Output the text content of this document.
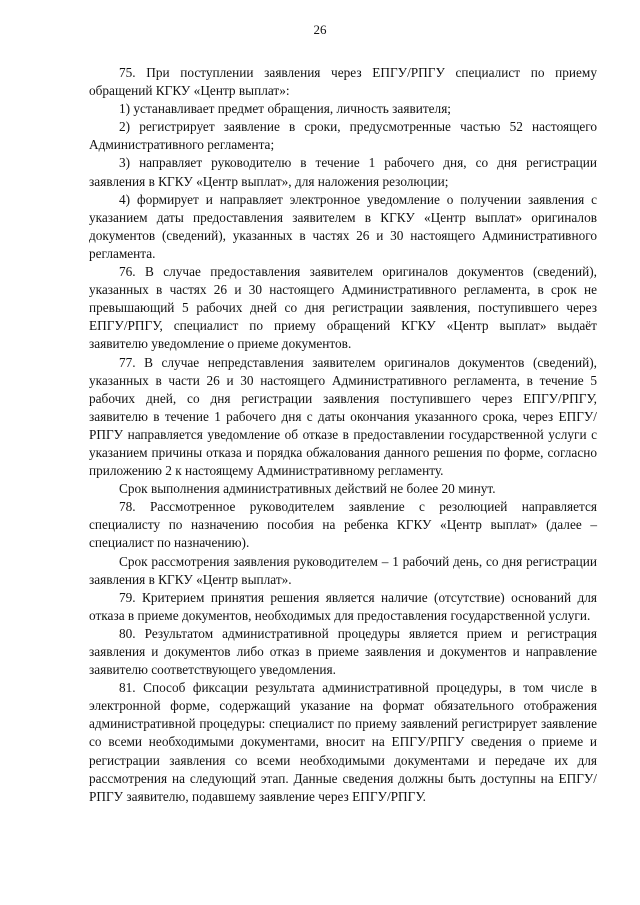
26

75. При поступлении заявления через ЕПГУ/РПГУ специалист по приему обращений КГКУ «Центр выплат»:

1) устанавливает предмет обращения, личность заявителя;

2) регистрирует заявление в сроки, предусмотренные частью 52 настоящего Административного регламента;

3) направляет руководителю в течение 1 рабочего дня, со дня регистрации заявления в КГКУ «Центр выплат», для наложения резолюции;

4) формирует и направляет электронное уведомление о получении заявления с указанием даты предоставления заявителем в КГКУ «Центр выплат» оригиналов документов (сведений), указанных в частях 26 и 30 настоящего Административного регламента.

76. В случае предоставления заявителем оригиналов документов (сведений), указанных в частях 26 и 30 настоящего Административного регламента, в срок не превышающий 5 рабочих дней со дня регистрации заявления, поступившего через ЕПГУ/РПГУ, специалист по приему обращений КГКУ «Центр выплат» выдаёт заявителю уведомление о приеме документов.

77. В случае непредставления заявителем оригиналов документов (сведений), указанных в части 26 и 30 настоящего Административного регламента, в течение 5 рабочих дней, со дня регистрации заявления поступившего через ЕПГУ/РПГУ, заявителю в течение 1 рабочего дня с даты окончания указанного срока, через ЕПГУ/РПГУ направляется уведомление об отказе в предоставлении государственной услуги с указанием причины отказа и порядка обжалования данного решения по форме, согласно приложению 2 к настоящему Административному регламенту.

Срок выполнения административных действий не более 20 минут.

78. Рассмотренное руководителем заявление с резолюцией направляется специалисту по назначению пособия на ребенка КГКУ «Центр выплат» (далее – специалист по назначению).

Срок рассмотрения заявления руководителем – 1 рабочий день, со дня регистрации заявления в КГКУ «Центр выплат».

79. Критерием принятия решения является наличие (отсутствие) оснований для отказа в приеме документов, необходимых для предоставления государственной услуги.

80. Результатом административной процедуры является прием и регистрация заявления и документов либо отказ в приеме заявления и документов и направление заявителю соответствующего уведомления.

81. Способ фиксации результата административной процедуры, в том числе в электронной форме, содержащий указание на формат обязательного отображения административной процедуры: специалист по приему заявлений регистрирует заявление со всеми необходимыми документами, вносит на ЕПГУ/РПГУ сведения о приеме и регистрации заявления со всеми необходимыми документами и передаче их для рассмотрения на следующий этап. Данные сведения должны быть доступны на ЕПГУ/РПГУ заявителю, подавшему заявление через ЕПГУ/РПГУ.
